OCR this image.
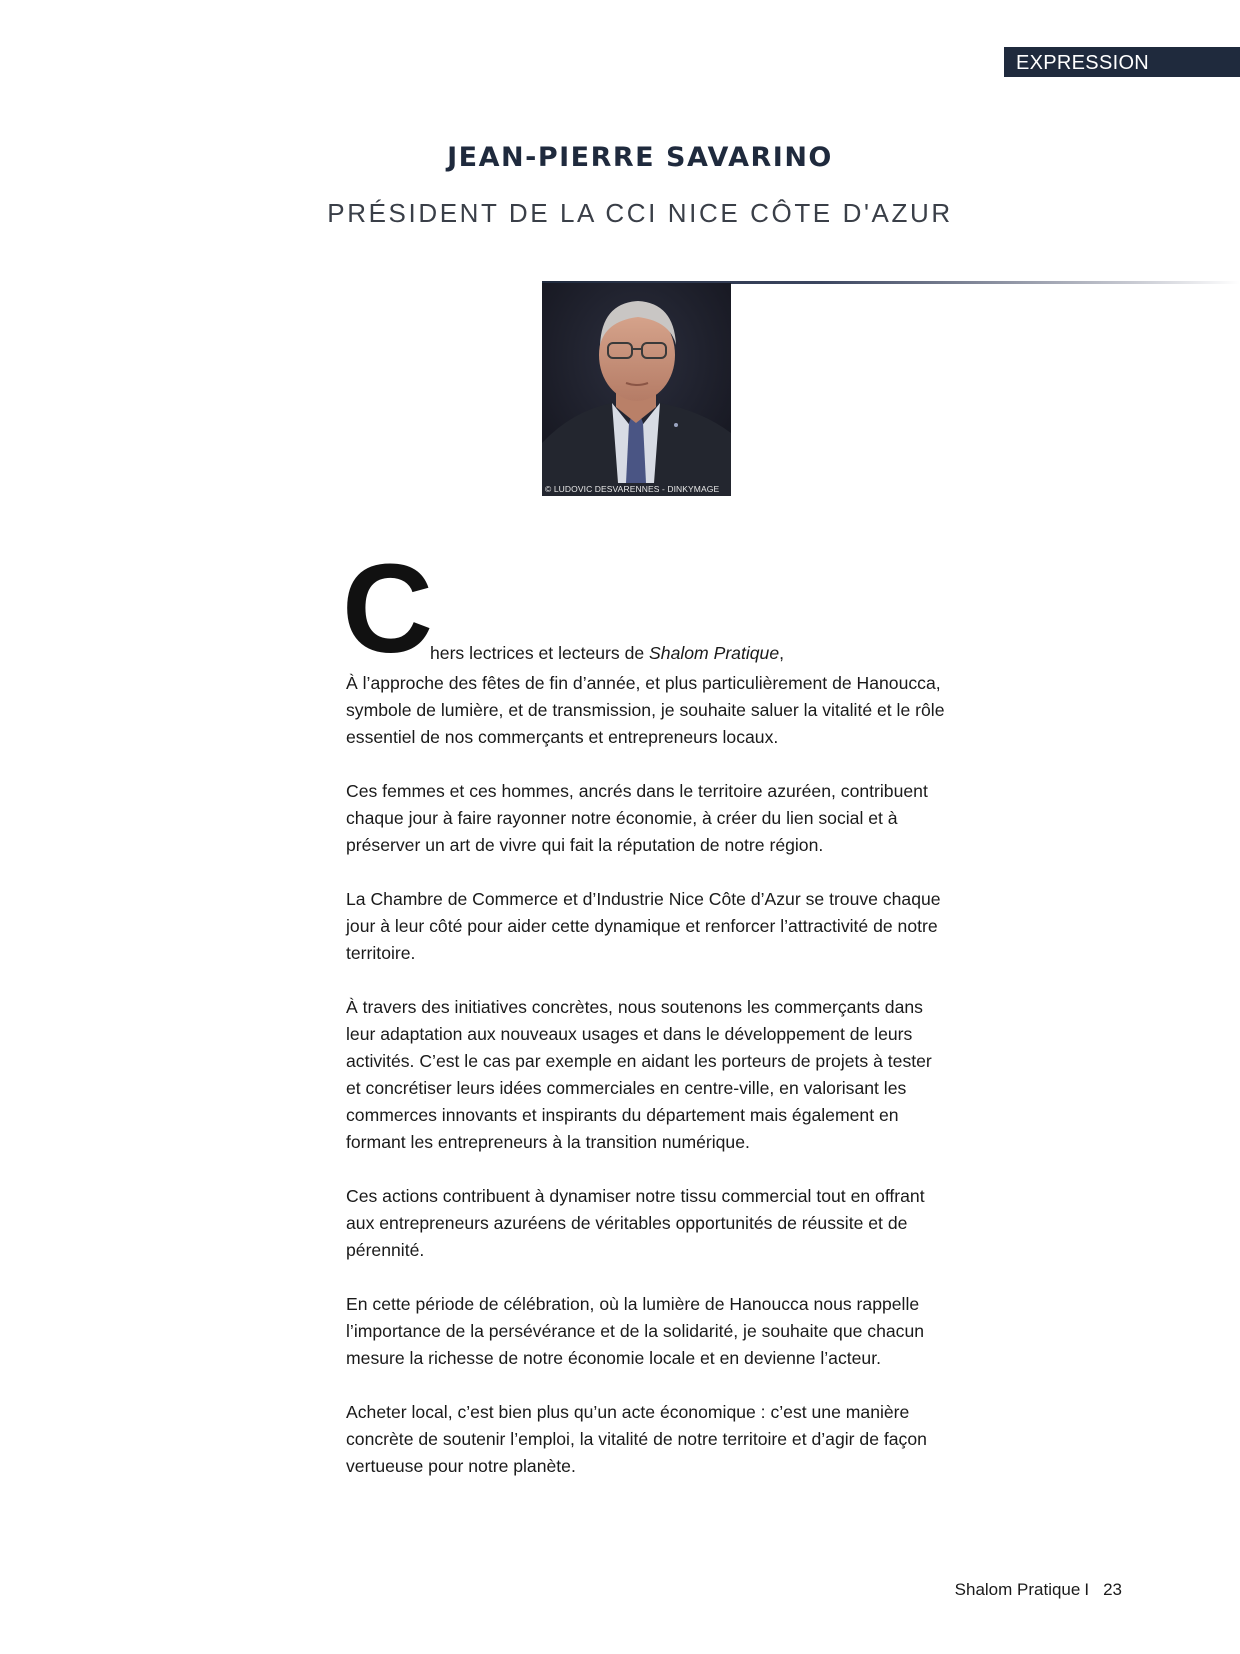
EXPRESSION
JEAN-PIERRE SAVARINO
PRÉSIDENT DE LA CCI NICE CÔTE D'AZUR
© LUDOVIC DESVARENNES - DINKYMAGE

C
hers lectrices et lecteurs de Shalom Pratique,

À l’approche des fêtes de fin d’année, et plus particulièrement de Hanoucca, symbole de lumière, et de transmission, je souhaite saluer la vitalité et le rôle essentiel de nos commerçants et entrepreneurs locaux.

Ces femmes et ces hommes, ancrés dans le territoire azuréen, contribuent chaque jour à faire rayonner notre économie, à créer du lien social et à préserver un art de vivre qui fait la réputation de notre région.

La Chambre de Commerce et d’Industrie Nice Côte d’Azur se trouve chaque jour à leur côté pour aider cette dynamique et renforcer l’attractivité de notre territoire.

À travers des initiatives concrètes, nous soutenons les commerçants dans leur adaptation aux nouveaux usages et dans le développement de leurs activités. C’est le cas par exemple en aidant les porteurs de projets à tester et concrétiser leurs idées commerciales en centre-ville, en valorisant les commerces innovants et inspirants du département mais également en formant les entrepreneurs à la transition numérique.

Ces actions contribuent à dynamiser notre tissu commercial tout en offrant aux entrepreneurs azuréens de véritables opportunités de réussite et de pérennité.

En cette période de célébration, où la lumière de Hanoucca nous rappelle l’importance de la persévérance et de la solidarité, je souhaite que chacun mesure la richesse de notre économie locale et en devienne l’acteur.

Acheter local, c’est bien plus qu’un acte économique : c’est une manière concrète de soutenir l’emploi, la vitalité de notre territoire et d’agir de façon vertueuse pour notre planète.

Shalom Pratique I 23
